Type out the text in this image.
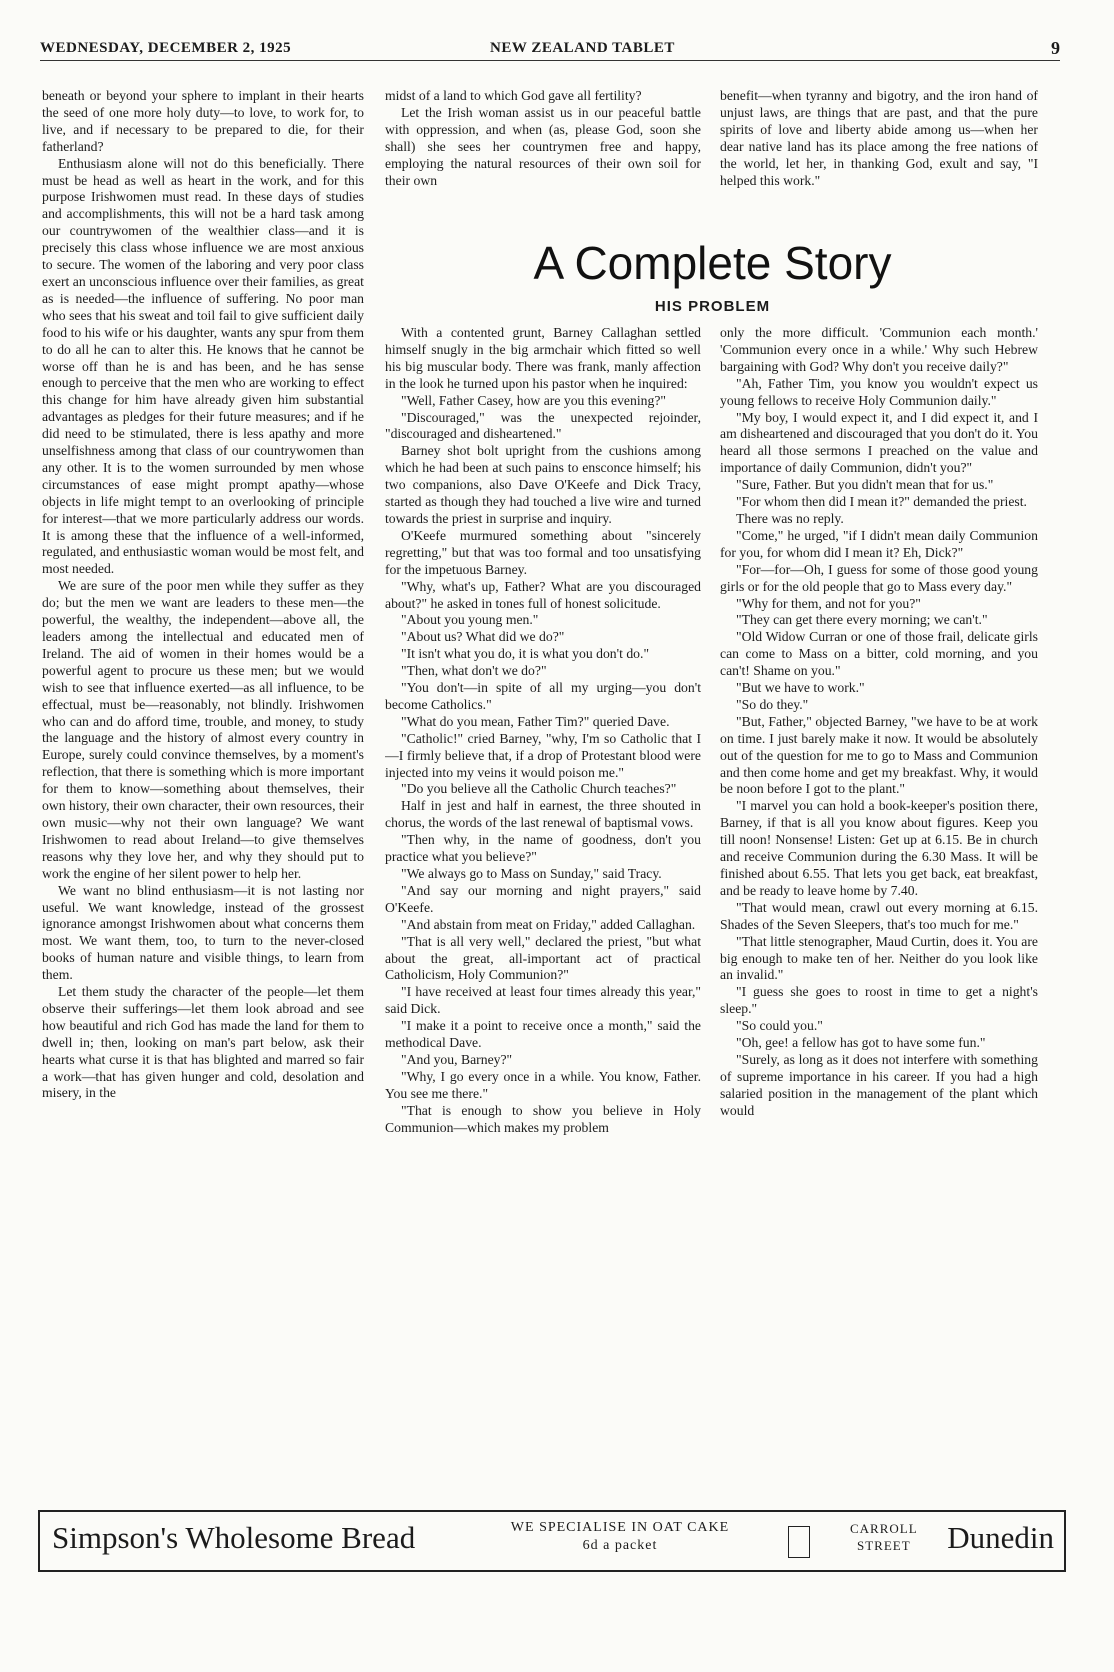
WEDNESDAY, DECEMBER 2, 1925	NEW ZEALAND TABLET	9

beneath or beyond your sphere to implant in their hearts the seed of one more holy duty—to love, to work for, to live, and if necessary to be prepared to die, for their fatherland?

Enthusiasm alone will not do this beneficially. There must be head as well as heart in the work, and for this purpose Irishwomen must read. In these days of studies and accomplishments, this will not be a hard task among our countrywomen of the wealthier class—and it is precisely this class whose influence we are most anxious to secure. The women of the laboring and very poor class exert an unconscious influence over their families, as great as is needed—the influence of suffering. No poor man who sees that his sweat and toil fail to give sufficient daily food to his wife or his daughter, wants any spur from them to do all he can to alter this. He knows that he cannot be worse off than he is and has been, and he has sense enough to perceive that the men who are working to effect this change for him have already given him substantial advantages as pledges for their future measures; and if he did need to be stimulated, there is less apathy and more unselfishness among that class of our countrywomen than any other. It is to the women surrounded by men whose circumstances of ease might prompt apathy—whose objects in life might tempt to an overlooking of principle for interest—that we more particularly address our words. It is among these that the influence of a well-informed, regulated, and enthusiastic woman would be most felt, and most needed.

We are sure of the poor men while they suffer as they do; but the men we want are leaders to these men—the powerful, the wealthy, the independent—above all, the leaders among the intellectual and educated men of Ireland. The aid of women in their homes would be a powerful agent to procure us these men; but we would wish to see that influence exerted—as all influence, to be effectual, must be—reasonably, not blindly. Irishwomen who can and do afford time, trouble, and money, to study the language and the history of almost every country in Europe, surely could convince themselves, by a moment's reflection, that there is something which is more important for them to know—something about themselves, their own history, their own character, their own resources, their own music—why not their own language? We want Irishwomen to read about Ireland—to give themselves reasons why they love her, and why they should put to work the engine of her silent power to help her.

We want no blind enthusiasm—it is not lasting nor useful. We want knowledge, instead of the grossest ignorance amongst Irishwomen about what concerns them most. We want them, too, to turn to the never-closed books of human nature and visible things, to learn from them.

Let them study the character of the people—let them observe their sufferings—let them look abroad and see how beautiful and rich God has made the land for them to dwell in; then, looking on man's part below, ask their hearts what curse it is that has blighted and marred so fair a work—that has given hunger and cold, desolation and misery, in the

midst of a land to which God gave all fertility?

Let the Irish woman assist us in our peaceful battle with oppression, and when (as, please God, soon she shall) she sees her countrymen free and happy, employing the natural resources of their own soil for their own

benefit—when tyranny and bigotry, and the iron hand of unjust laws, are things that are past, and that the pure spirits of love and liberty abide among us—when her dear native land has its place among the free nations of the world, let her, in thanking God, exult and say, "I helped this work."

A Complete Story
HIS PROBLEM

With a contented grunt, Barney Callaghan settled himself snugly in the big armchair which fitted so well his big muscular body. There was frank, manly affection in the look he turned upon his pastor when he inquired:

"Well, Father Casey, how are you this evening?"

"Discouraged," was the unexpected rejoinder, "discouraged and disheartened."

Barney shot bolt upright from the cushions among which he had been at such pains to ensconce himself; his two companions, also Dave O'Keefe and Dick Tracy, started as though they had touched a live wire and turned towards the priest in surprise and inquiry.

O'Keefe murmured something about "sincerely regretting," but that was too formal and too unsatisfying for the impetuous Barney.

"Why, what's up, Father? What are you discouraged about?" he asked in tones full of honest solicitude.

"About you young men."

"About us? What did we do?"

"It isn't what you do, it is what you don't do."

"Then, what don't we do?"

"You don't—in spite of all my urging—you don't become Catholics."

"What do you mean, Father Tim?" queried Dave.

"Catholic!" cried Barney, "why, I'm so Catholic that I—I firmly believe that, if a drop of Protestant blood were injected into my veins it would poison me."

"Do you believe all the Catholic Church teaches?"

Half in jest and half in earnest, the three shouted in chorus, the words of the last renewal of baptismal vows.

"Then why, in the name of goodness, don't you practice what you believe?"

"We always go to Mass on Sunday," said Tracy.

"And say our morning and night prayers," said O'Keefe.

"And abstain from meat on Friday," added Callaghan.

"That is all very well," declared the priest, "but what about the great, all-important act of practical Catholicism, Holy Communion?"

"I have received at least four times already this year," said Dick.

"I make it a point to receive once a month," said the methodical Dave.

"And you, Barney?"

"Why, I go every once in a while. You know, Father. You see me there."

"That is enough to show you believe in Holy Communion—which makes my problem

only the more difficult. 'Communion each month.' 'Communion every once in a while.' Why such Hebrew bargaining with God? Why don't you receive daily?"

"Ah, Father Tim, you know you wouldn't expect us young fellows to receive Holy Communion daily."

"My boy, I would expect it, and I did expect it, and I am disheartened and discouraged that you don't do it. You heard all those sermons I preached on the value and importance of daily Communion, didn't you?"

"Sure, Father. But you didn't mean that for us."

"For whom then did I mean it?" demanded the priest.

There was no reply.

"Come," he urged, "if I didn't mean daily Communion for you, for whom did I mean it? Eh, Dick?"

"For—for—Oh, I guess for some of those good young girls or for the old people that go to Mass every day."

"Why for them, and not for you?"

"They can get there every morning; we can't."

"Old Widow Curran or one of those frail, delicate girls can come to Mass on a bitter, cold morning, and you can't! Shame on you."

"But we have to work."

"So do they."

"But, Father," objected Barney, "we have to be at work on time. I just barely make it now. It would be absolutely out of the question for me to go to Mass and Communion and then come home and get my breakfast. Why, it would be noon before I got to the plant."

"I marvel you can hold a book-keeper's position there, Barney, if that is all you know about figures. Keep you till noon! Nonsense! Listen: Get up at 6.15. Be in church and receive Communion during the 6.30 Mass. It will be finished about 6.55. That lets you get back, eat breakfast, and be ready to leave home by 7.40.

"That would mean, crawl out every morning at 6.15. Shades of the Seven Sleepers, that's too much for me."

"That little stenographer, Maud Curtin, does it. You are big enough to make ten of her. Neither do you look like an invalid."

"I guess she goes to roost in time to get a night's sleep."

"So could you."

"Oh, gee! a fellow has got to have some fun."

"Surely, as long as it does not interfere with something of supreme importance in his career. If you had a high salaried position in the management of the plant which would

Simpson's Wholesome Bread	WE SPECIALISE IN OAT CAKE
6d a packet
CARROLL
STREET Dunedin
